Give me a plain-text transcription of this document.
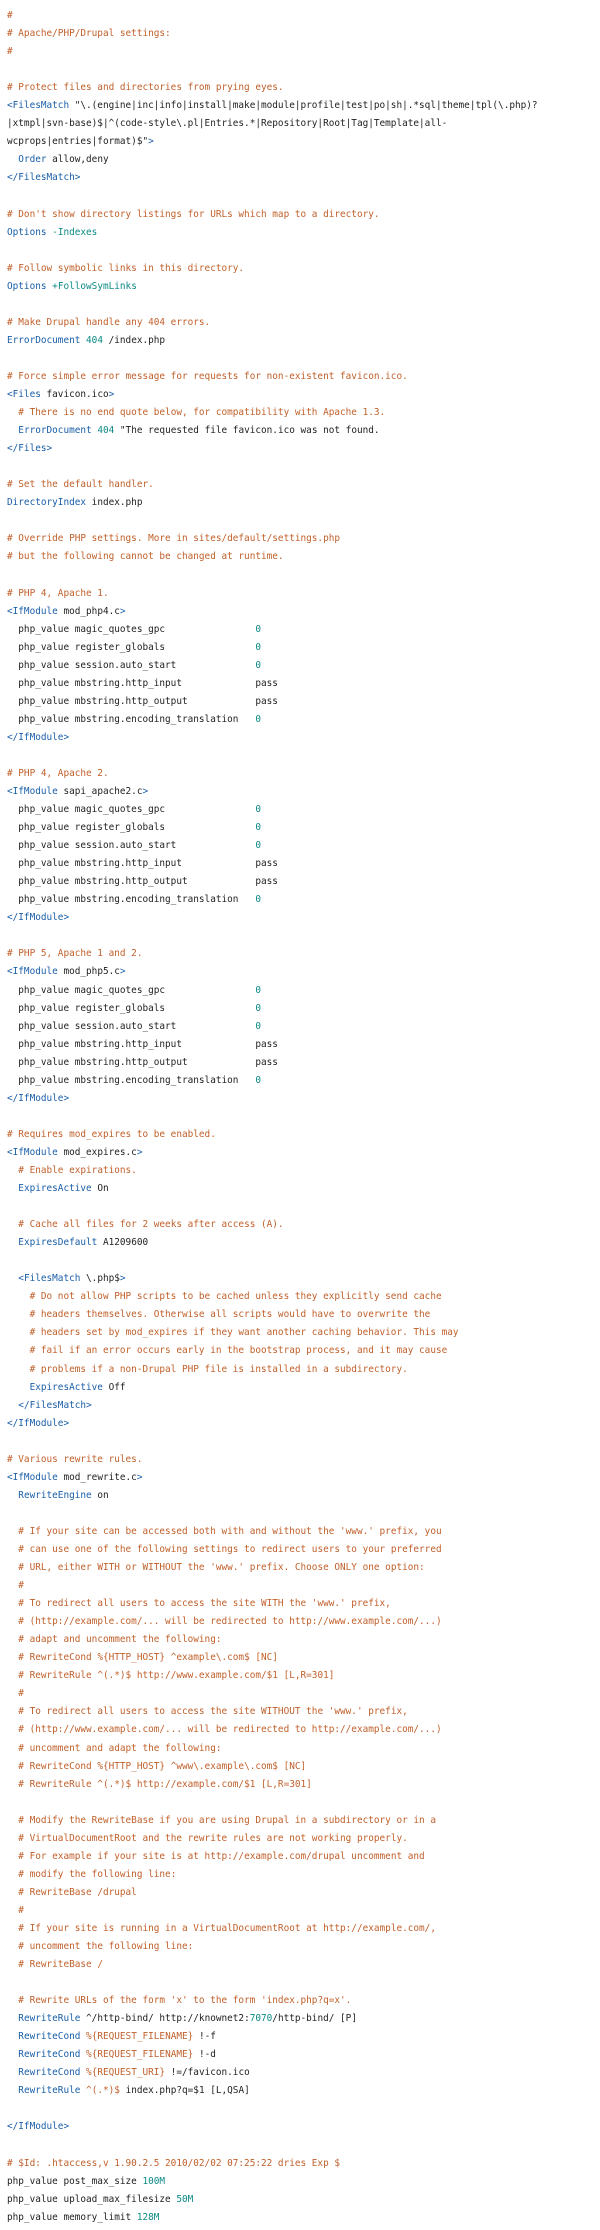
#
# Apache/PHP/Drupal settings:
#
# Protect files and directories from prying eyes.
<FilesMatch "\.(engine|inc|info|install|make|module|profile|test|po|sh|.*sql|theme|tpl(\.php)?
|xtmpl|svn-base)$|^(code-style\.pl|Entries.*|Repository|Root|Tag|Template|all-
wcprops|entries|format)$">
Order allow,deny
</FilesMatch>
# Don't show directory listings for URLs which map to a directory.
Options -Indexes
# Follow symbolic links in this directory.
Options +FollowSymLinks
# Make Drupal handle any 404 errors.
ErrorDocument 404 /index.php
# Force simple error message for requests for non-existent favicon.ico.
<Files favicon.ico>
# There is no end quote below, for compatibility with Apache 1.3.
ErrorDocument 404 "The requested file favicon.ico was not found.
</Files>
# Set the default handler.
DirectoryIndex index.php
# Override PHP settings. More in sites/default/settings.php
# but the following cannot be changed at runtime.
# PHP 4, Apache 1.
<IfModule mod_php4.c>
php_value magic_quotes_gpc                0
php_value register_globals                0
php_value session.auto_start              0
php_value mbstring.http_input             pass
php_value mbstring.http_output            pass
php_value mbstring.encoding_translation   0
</IfModule>
# PHP 4, Apache 2.
<IfModule sapi_apache2.c>
php_value magic_quotes_gpc                0
php_value register_globals                0
php_value session.auto_start              0
php_value mbstring.http_input             pass
php_value mbstring.http_output            pass
php_value mbstring.encoding_translation   0
</IfModule>
# PHP 5, Apache 1 and 2.
<IfModule mod_php5.c>
php_value magic_quotes_gpc                0
php_value register_globals                0
php_value session.auto_start              0
php_value mbstring.http_input             pass
php_value mbstring.http_output            pass
php_value mbstring.encoding_translation   0
</IfModule>
# Requires mod_expires to be enabled.
<IfModule mod_expires.c>
# Enable expirations.
ExpiresActive On
# Cache all files for 2 weeks after access (A).
ExpiresDefault A1209600
<FilesMatch \.php$>
# Do not allow PHP scripts to be cached unless they explicitly send cache
# headers themselves. Otherwise all scripts would have to overwrite the
# headers set by mod_expires if they want another caching behavior. This may
# fail if an error occurs early in the bootstrap process, and it may cause
# problems if a non-Drupal PHP file is installed in a subdirectory.
ExpiresActive Off
</FilesMatch>
</IfModule>
# Various rewrite rules.
<IfModule mod_rewrite.c>
RewriteEngine on
# If your site can be accessed both with and without the 'www.' prefix, you
# can use one of the following settings to redirect users to your preferred
# URL, either WITH or WITHOUT the 'www.' prefix. Choose ONLY one option:
#
# To redirect all users to access the site WITH the 'www.' prefix,
# (http://example.com/... will be redirected to http://www.example.com/...)
# adapt and uncomment the following:
# RewriteCond %{HTTP_HOST} ^example\.com$ [NC]
# RewriteRule ^(.*)$ http://www.example.com/$1 [L,R=301]
#
# To redirect all users to access the site WITHOUT the 'www.' prefix,
# (http://www.example.com/... will be redirected to http://example.com/...)
# uncomment and adapt the following:
# RewriteCond %{HTTP_HOST} ^www\.example\.com$ [NC]
# RewriteRule ^(.*)$ http://example.com/$1 [L,R=301]
# Modify the RewriteBase if you are using Drupal in a subdirectory or in a
# VirtualDocumentRoot and the rewrite rules are not working properly.
# For example if your site is at http://example.com/drupal uncomment and
# modify the following line:
# RewriteBase /drupal
#
# If your site is running in a VirtualDocumentRoot at http://example.com/,
# uncomment the following line:
# RewriteBase /
# Rewrite URLs of the form 'x' to the form 'index.php?q=x'.
RewriteRule ^/http-bind/ http://knownet2:7070/http-bind/ [P]
RewriteCond %{REQUEST_FILENAME} !-f
RewriteCond %{REQUEST_FILENAME} !-d
RewriteCond %{REQUEST_URI} !=/favicon.ico
RewriteRule ^(.*)$ index.php?q=$1 [L,QSA]
</IfModule>
# $Id: .htaccess,v 1.90.2.5 2010/02/02 07:25:22 dries Exp $
php_value post_max_size 100M
php_value upload_max_filesize 50M
php_value memory_limit 128M
